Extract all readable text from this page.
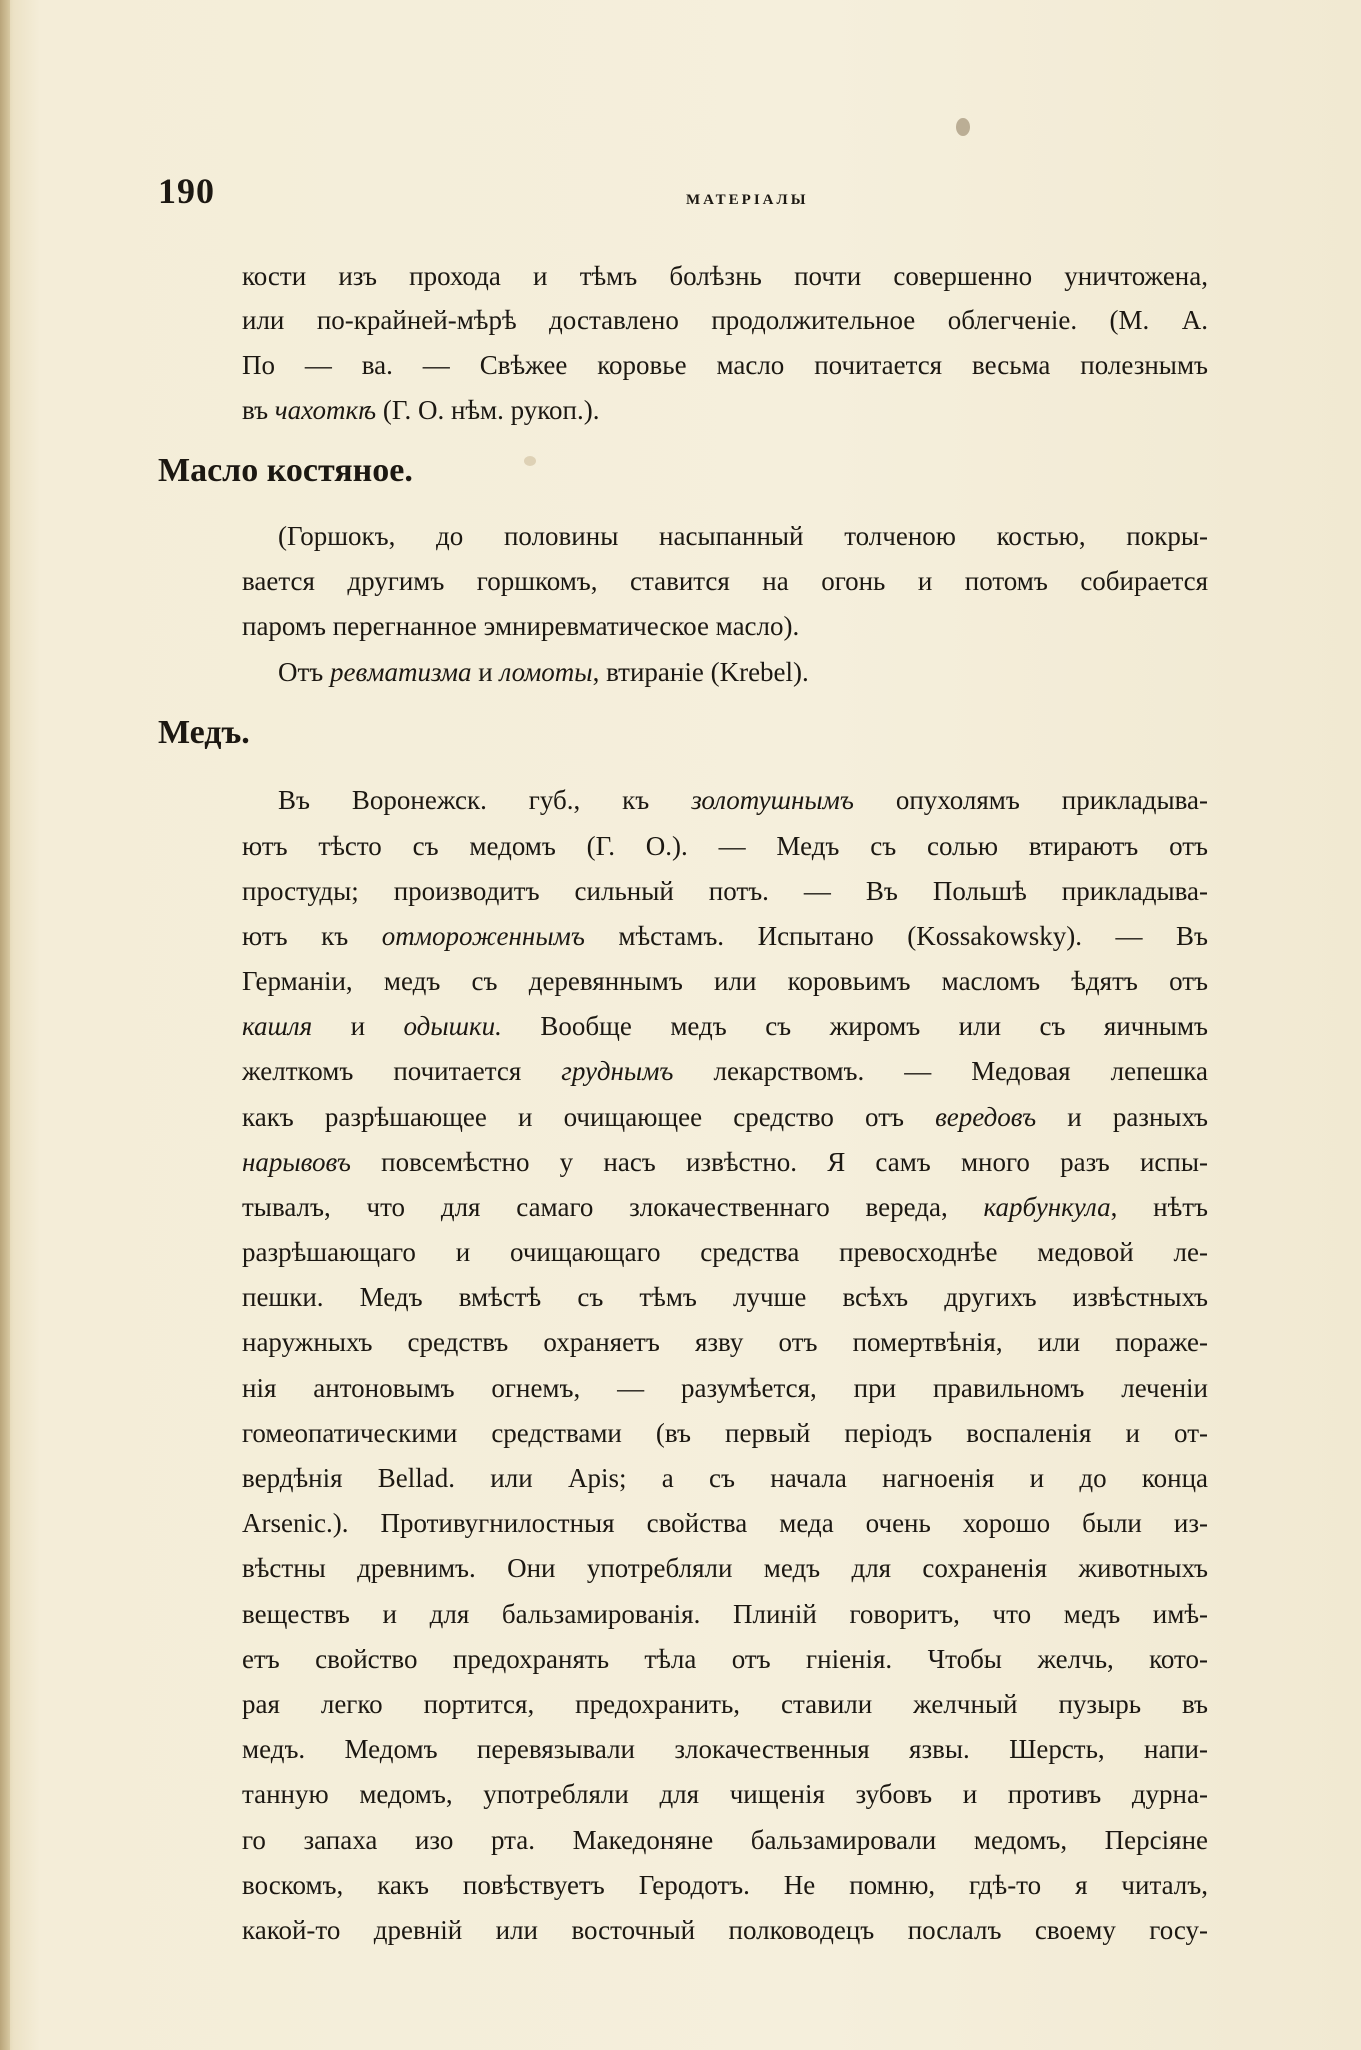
190	МАТЕРІАЛЫ
кости изъ прохода и тѣмъ болѣзнь почти совершенно уничтожена,
или по-крайней-мѣрѣ доставлено продолжительное облегченіе. (М. А.
По — ва. — Свѣжее коровье масло почитается весьма полезнымъ
въ чахоткѣ (Г. О. нѣм. рукоп.).
Масло костяное.
(Горшокъ, до половины насыпанный толченою костью, покры-
вается другимъ горшкомъ, ставится на огонь и потомъ собирается
паромъ перегнанное эмниревматическое масло).
Отъ ревматизма и ломоты, втираніе (Krebel).
Медъ.
Въ Воронежск. губ., къ золотушнымъ опухолямъ прикладыва-
ютъ тѣсто съ медомъ (Г. О.). — Медъ съ солью втираютъ отъ
простуды; производитъ сильный потъ. — Въ Польшѣ прикладыва-
ютъ къ отмороженнымъ мѣстамъ. Испытано (Kossakowsky). — Въ
Германіи, медъ съ деревяннымъ или коровьимъ масломъ ѣдятъ отъ
кашля и одышки. Вообще медъ съ жиромъ или съ яичнымъ
желткомъ почитается груднымъ лекарствомъ. — Медовая лепешка
какъ разрѣшающее и очищающее средство отъ вередовъ и разныхъ
нарывовъ повсемѣстно у насъ извѣстно. Я самъ много разъ испы-
тывалъ, что для самаго злокачественнаго вереда, карбункула, нѣтъ
разрѣшающаго и очищающаго средства превосходнѣе медовой ле-
пешки. Медъ вмѣстѣ съ тѣмъ лучше всѣхъ другихъ извѣстныхъ
наружныхъ средствъ охраняетъ язву отъ помертвѣнія, или пораже-
нія антоновымъ огнемъ, — разумѣется, при правильномъ леченіи
гомеопатическими средствами (въ первый періодъ воспаленія и от-
вердѣнія Bellad. или Apis; а съ начала нагноенія и до конца
Arsenic.). Противугнилостныя свойства меда очень хорошо были из-
вѣстны древнимъ. Они употребляли медъ для сохраненія животныхъ
веществъ и для бальзамированія. Плиній говоритъ, что медъ имѣ-
етъ свойство предохранять тѣла отъ гніенія. Чтобы желчь, кото-
рая легко портится, предохранить, ставили желчный пузырь въ
медъ. Медомъ перевязывали злокачественныя язвы. Шерсть, напи-
танную медомъ, употребляли для чищенія зубовъ и противъ дурна-
го запаха изо рта. Македоняне бальзамировали медомъ, Персіяне
воскомъ, какъ повѣствуетъ Геродотъ. Не помню, гдѣ-то я читалъ,
какой-то древній или восточный полководецъ послалъ своему госу-
